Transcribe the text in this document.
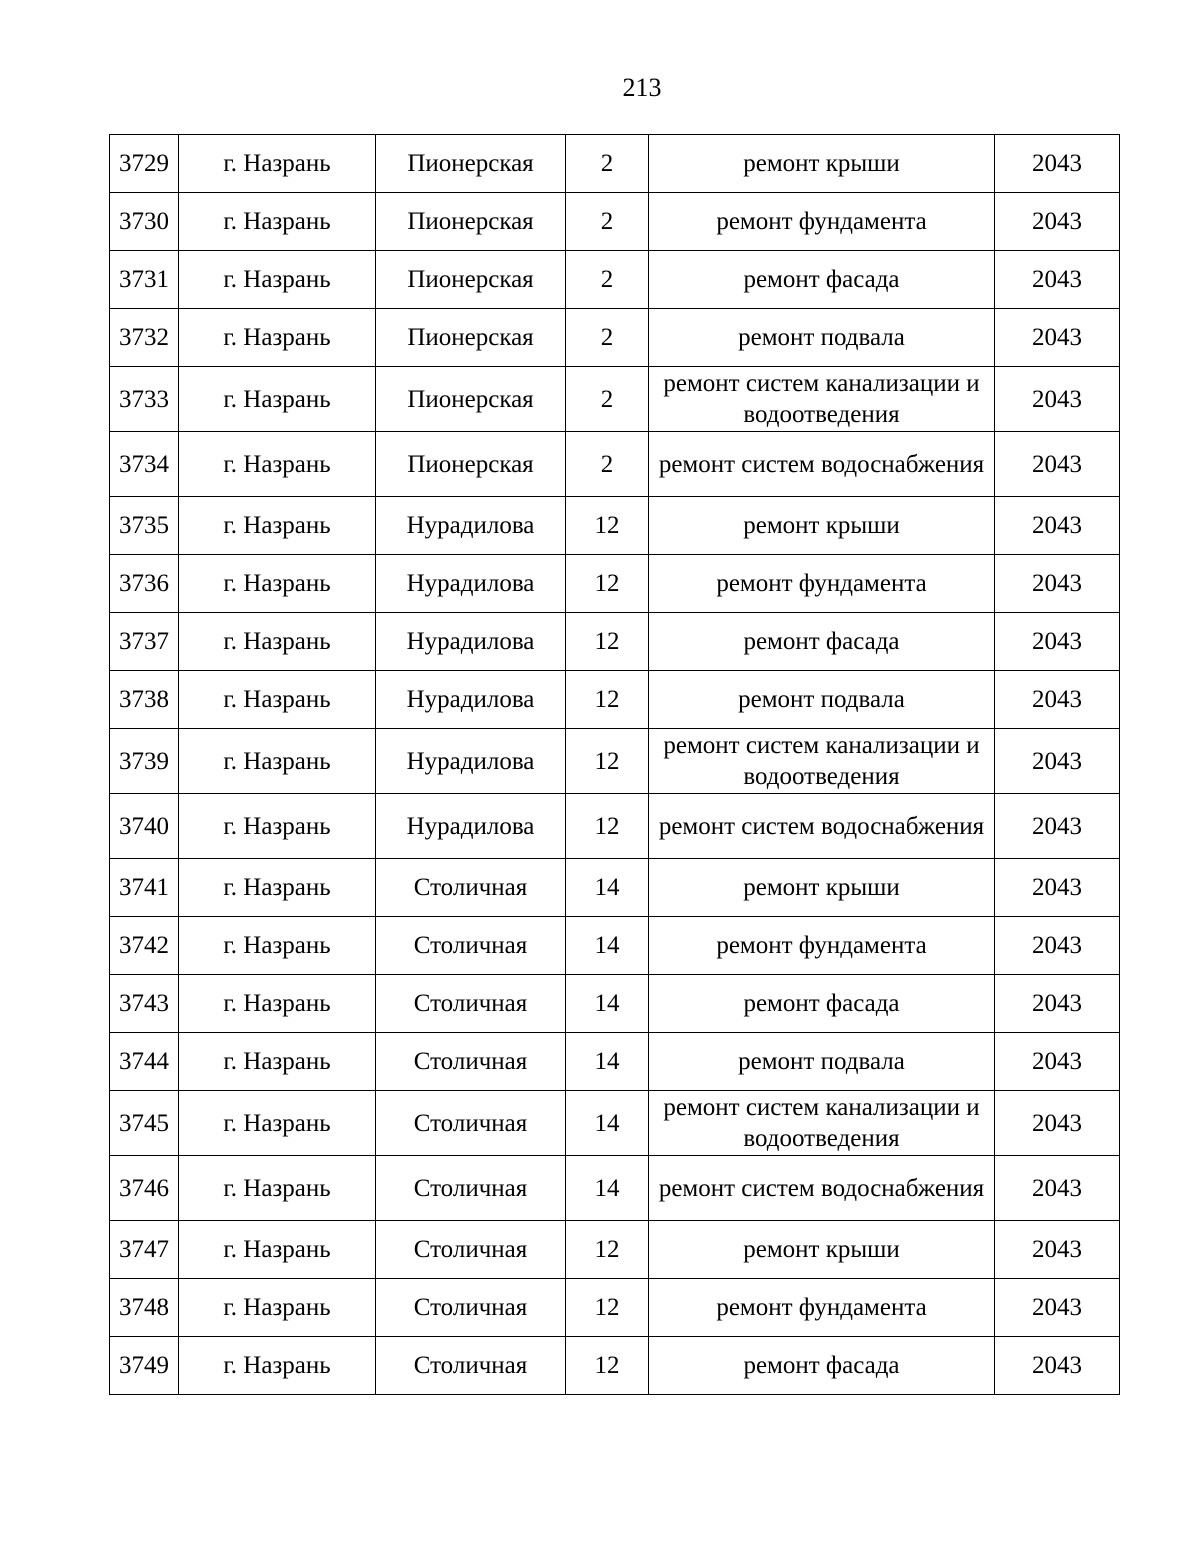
213
3729	г. Назрань	Пионерская	2	ремонт крыши	2043
3730	г. Назрань	Пионерская	2	ремонт фундамента	2043
3731	г. Назрань	Пионерская	2	ремонт фасада	2043
3732	г. Назрань	Пионерская	2	ремонт подвала	2043
3733	г. Назрань	Пионерская	2	ремонт систем канализации и водоотведения	2043
3734	г. Назрань	Пионерская	2	ремонт систем водоснабжения	2043
3735	г. Назрань	Нурадилова	12	ремонт крыши	2043
3736	г. Назрань	Нурадилова	12	ремонт фундамента	2043
3737	г. Назрань	Нурадилова	12	ремонт фасада	2043
3738	г. Назрань	Нурадилова	12	ремонт подвала	2043
3739	г. Назрань	Нурадилова	12	ремонт систем канализации и водоотведения	2043
3740	г. Назрань	Нурадилова	12	ремонт систем водоснабжения	2043
3741	г. Назрань	Столичная	14	ремонт крыши	2043
3742	г. Назрань	Столичная	14	ремонт фундамента	2043
3743	г. Назрань	Столичная	14	ремонт фасада	2043
3744	г. Назрань	Столичная	14	ремонт подвала	2043
3745	г. Назрань	Столичная	14	ремонт систем канализации и водоотведения	2043
3746	г. Назрань	Столичная	14	ремонт систем водоснабжения	2043
3747	г. Назрань	Столичная	12	ремонт крыши	2043
3748	г. Назрань	Столичная	12	ремонт фундамента	2043
3749	г. Назрань	Столичная	12	ремонт фасада	2043
